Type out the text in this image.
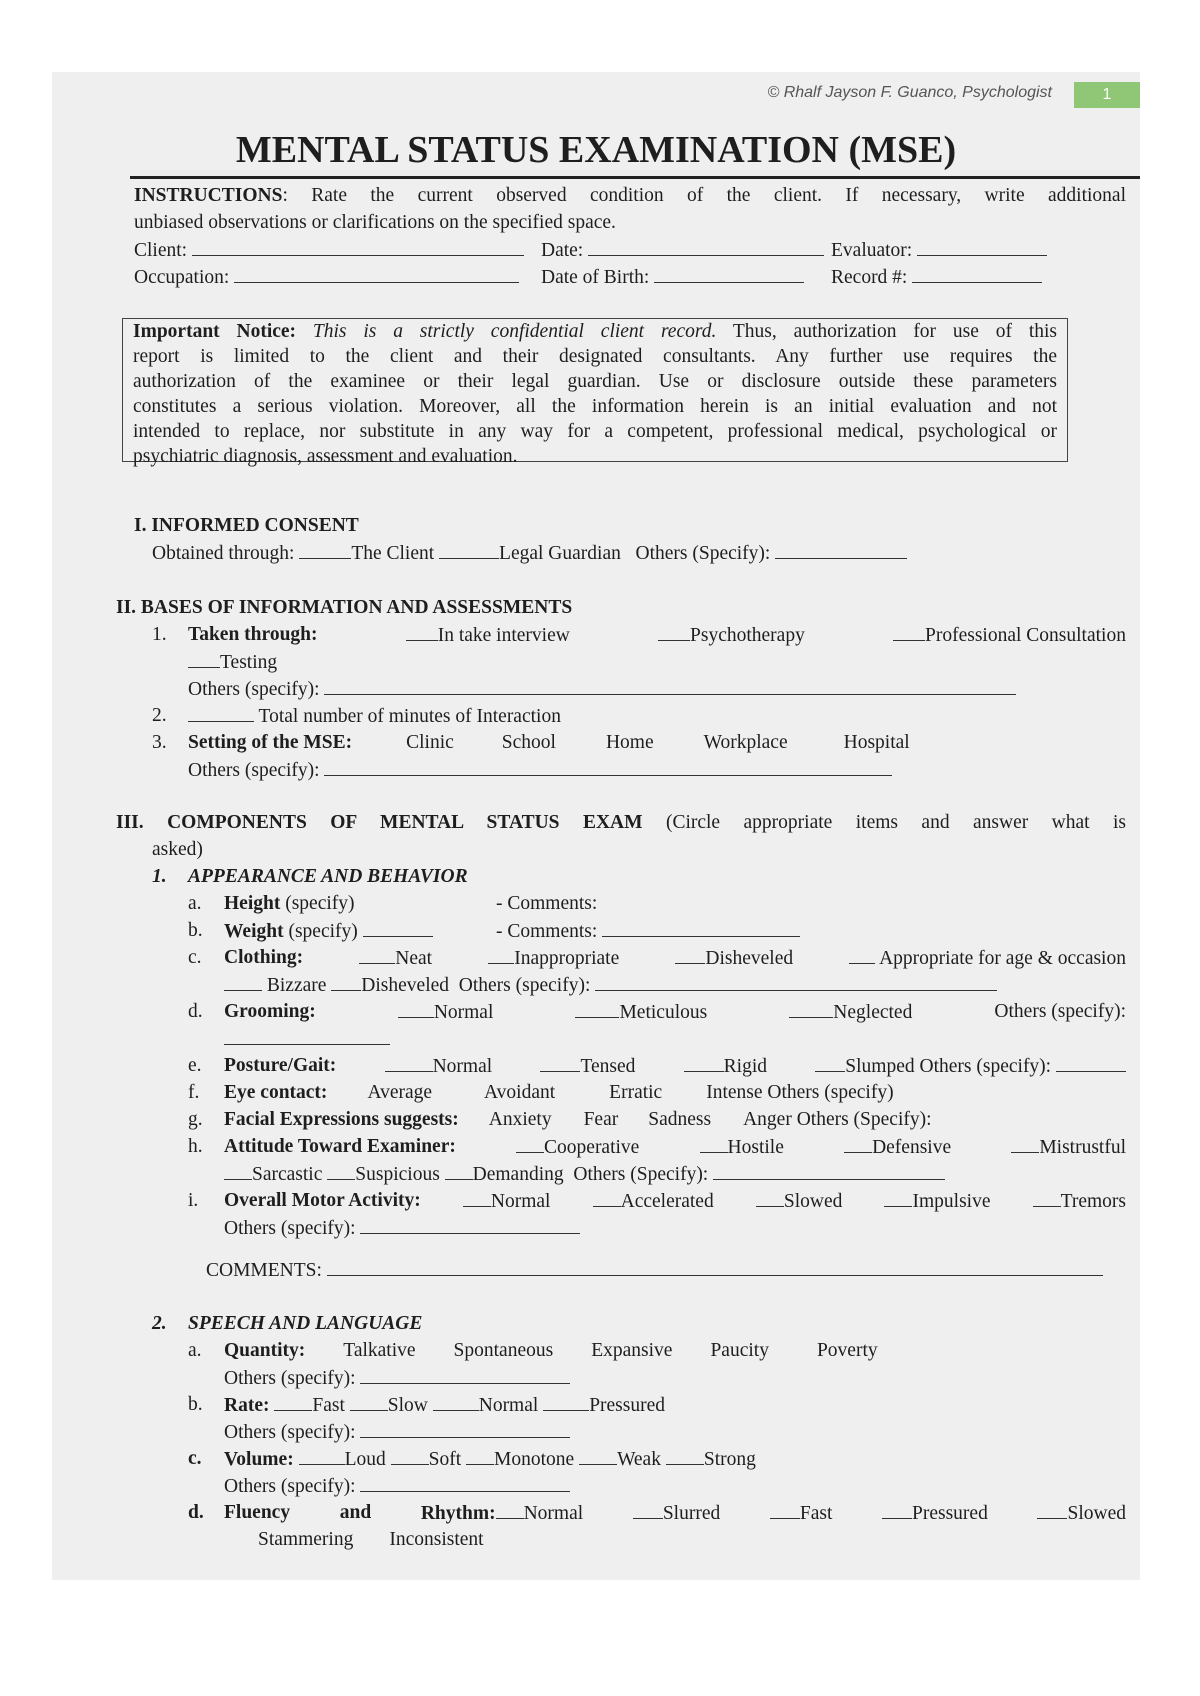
© Rhalf Jayson F. Guanco, Psychologist	1
MENTAL STATUS EXAMINATION (MSE)
INSTRUCTIONS: Rate the current observed condition of the client. If necessary, write additional
unbiased observations or clarifications on the specified space.
Client:	Date:	Evaluator:
Occupation:	Date of Birth:	Record #:
Important Notice: This is a strictly confidential client record. Thus, authorization for use of this
report is limited to the client and their designated consultants. Any further use requires the
authorization of the examinee or their legal guardian. Use or disclosure outside these parameters
constitutes a serious violation. Moreover, all the information herein is an initial evaluation and not
intended to replace, nor substitute in any way for a competent, professional medical, psychological or
psychiatric diagnosis, assessment and evaluation.
I. INFORMED CONSENT
Obtained through:	The Client	Legal Guardian Others (Specify):
II. BASES OF INFORMATION AND ASSESSMENTS
1. Taken through:	In take interview	Psychotherapy	Professional Consultation
Testing
Others (specify):
2.	Total number of minutes of Interaction
3. Setting of the MSE:	Clinic School	Home	Workplace	Hospital
Others (specify):
III. COMPONENTS OF MENTAL STATUS EXAM (Circle appropriate items and answer what is
asked)
1. APPEARANCE AND BEHAVIOR
a. Height (specify)	- Comments:
b. Weight (specify)	- Comments:
c. Clothing:	Neat	Inappropriate	Disheveled	Appropriate for age & occasion
Bizzare Disheveled Others (specify):
d. Grooming:	Normal	Meticulous	Neglected	Others (specify):
e. Posture/Gait:	Normal	Tensed	Rigid	Slumped Others (specify):
f. Eye contact: Average	Avoidant	Erratic Intense Others (specify)
g. Facial Expressions suggests: Anxiety Fear Sadness Anger Others (Specify):
h. Attitude Toward Examiner:	Cooperative	Hostile	Defensive	Mistrustful
Sarcastic Suspicious Demanding Others (Specify):
i. Overall Motor Activity:	Normal	Accelerated	Slowed	Impulsive	Tremors
Others (specify):
COMMENTS:
2. SPEECH AND LANGUAGE
a. Quantity: Talkative Spontaneous Expansive Paucity Poverty
Others (specify):
b. Rate: Fast Slow	Normal	Pressured
Others (specify):
c. Volume:	Loud Soft Monotone Weak Strong
Others (specify):
d. Fluency	and	Rhythm: Normal	Slurred	Fast	Pressured	Slowed
Stammering Inconsistent
